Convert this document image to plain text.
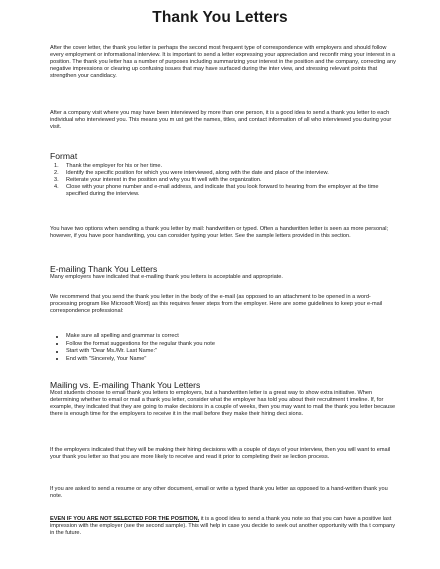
Thank You Letters

After the cover letter, the thank you letter is perhaps the second most frequent type of correspondence with employers and should follow every employment or informational interview. It is important to send a letter expressing your appreciation and reconfir ming your interest in a position. The thank you letter has a number of purposes including summarizing your interest in the position and the company, correcting any negative impressions or clearing up confusing issues that may have surfaced during the inter view, and stressing relevant points that strengthen your candidacy.

After a company visit where you may have been interviewed by more than one person, it is a good idea to send a thank you letter to each individual who interviewed you. This means you m ust get the names, titles, and contact information of all who interviewed you during your visit.

Format
1. Thank the employer for his or her time.
2. Identify the specific position for which you were interviewed, along with the date and place of the interview.
3. Reiterate your interest in the position and why you fit well with the organization.
4. Close with your phone number and e-mail address, and indicate that you look forward to hearing from the employer at the time specified during the interview.

You have two options when sending a thank you letter by mail: handwritten or typed. Often a handwritten letter is seen as more personal; however, if you have poor handwriting, you can consider typing your letter. See the sample letters provided in this section.

E-mailing Thank You Letters

Many employers have indicated that e-mailing thank you letters is acceptable and appropriate.

We recommend that you send the thank you letter in the body of the e-mail (as opposed to an attachment to be opened in a word- processing program like Microsoft Word) as this requires fewer steps from the employer. Here are some guidelines to keep your e-mail correspondence professional:

Make sure all spelling and grammar is correct
Follow the format suggestions for the regular thank you note
Start with "Dear Ms./Mr. Last Name:"
End with "Sincerely, Your Name"
Mailing vs. E-mailing Thank You Letters

Most students choose to email thank you letters to employers, but a handwritten letter is a great way to show extra initiative. When determining whether to email or mail a thank you letter, consider what the employer has told you about their recruitment t imeline. If, for example, they indicated that they are going to make decisions in a couple of weeks, then you may want to mail the thank you letter because there is enough time for the employers to receive it in the mail before they make their hiring deci sions.

If the employers indicated that they will be making their hiring decisions with a couple of days of your interview, then you will want to email your thank you letter so that you are more likely to receive and read it prior to completing their se lection process.

If you are asked to send a resume or any other document, email or write a typed thank you letter as opposed to a hand-written thank you note.

EVEN IF YOU ARE NOT SELECTED FOR THE POSITION, it is a good idea to send a thank you note so that you can have a positive last impression with the employer (see the second sample). This will help in case you decide to seek out another opportunity with tha t company in the future.
